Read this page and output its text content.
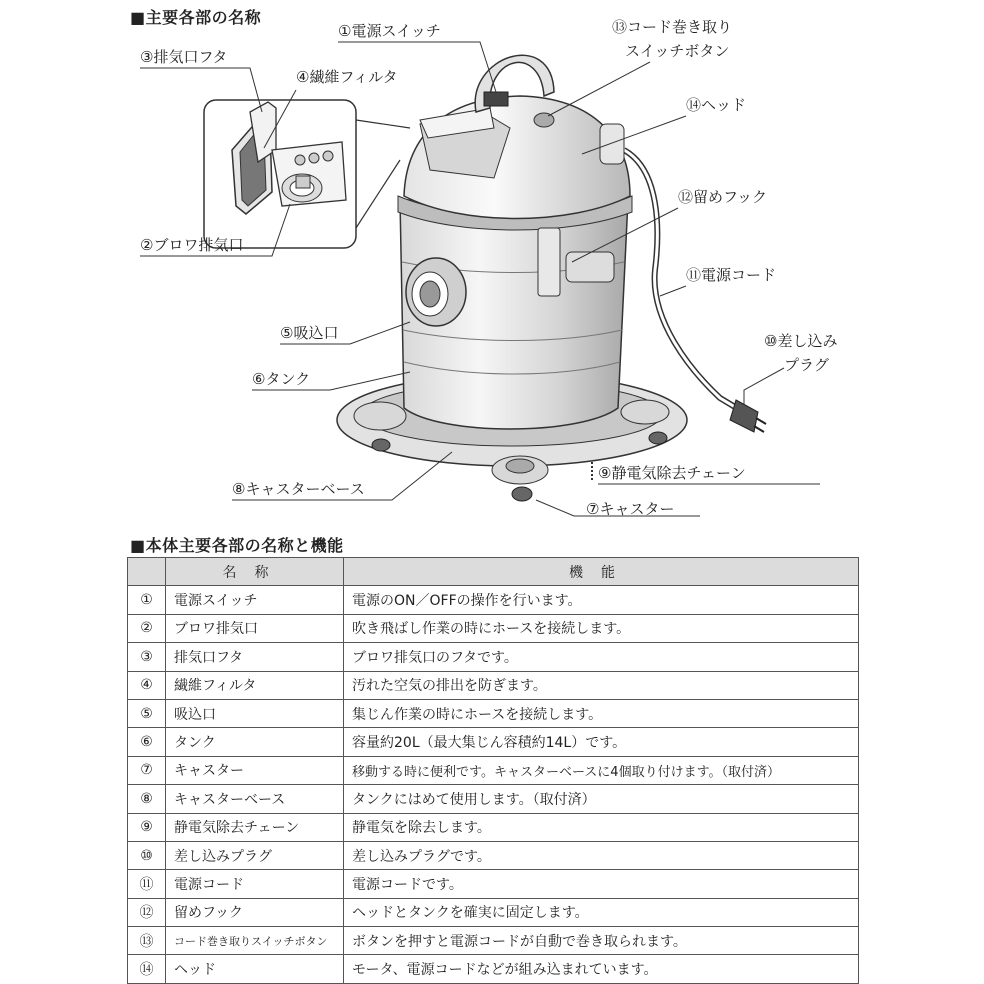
■主要各部の名称
①電源スイッチ	⑬コード巻き取り
スイッチボタン
③排気口フタ
④繊維フィルタ
⑭ヘッド
⑫留めフック
②ブロワ排気口
⑪電源コード
⑤吸込口	⑩差し込み
プラグ
⑥タンク
⑨静電気除去チェーン
⑧キャスターベース
⑦キャスター
■本体主要各部の名称と機能
	名称	機能
①	電源スイッチ	電源のON／OFFの操作を行います。
②	ブロワ排気口	吹き飛ばし作業の時にホースを接続します。
③	排気口フタ	ブロワ排気口のフタです。
④	繊維フィルタ	汚れた空気の排出を防ぎます。
⑤	吸込口	集じん作業の時にホースを接続します。
⑥	タンク	容量約20L（最大集じん容積約14L）です。
⑦	キャスター	移動する時に便利です。キャスターベースに4個取り付けます。（取付済）
⑧	キャスターベース	タンクにはめて使用します。（取付済）
⑨	静電気除去チェーン	静電気を除去します。
⑩	差し込みプラグ	差し込みプラグです。
⑪	電源コード	電源コードです。
⑫	留めフック	ヘッドとタンクを確実に固定します。
⑬	コード巻き取りスイッチボタン	ボタンを押すと電源コードが自動で巻き取られます。
⑭	ヘッド	モータ、電源コードなどが組み込まれています。
